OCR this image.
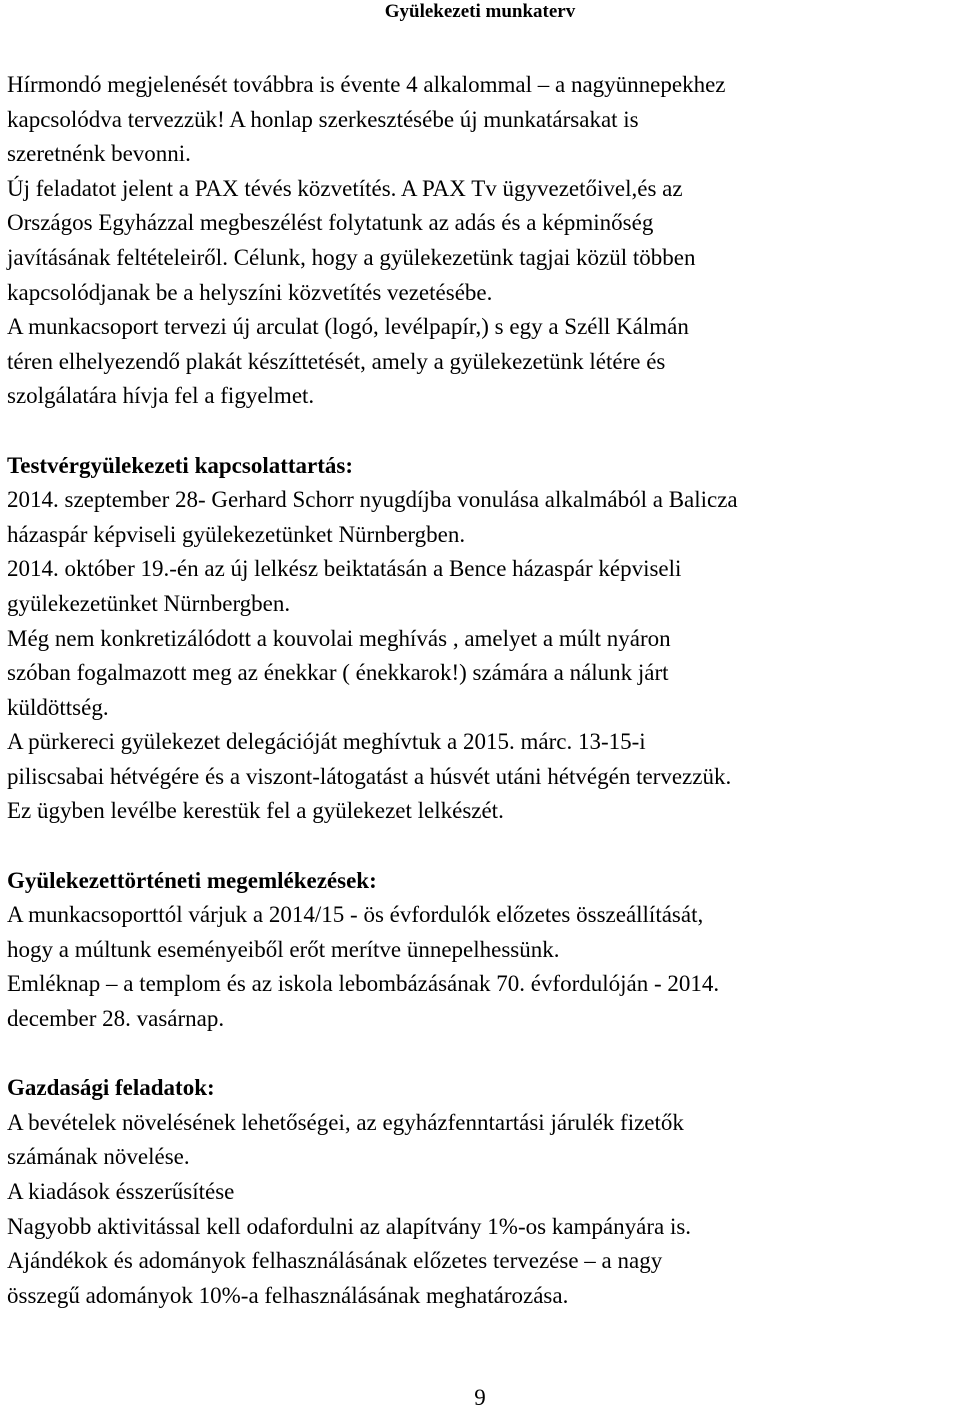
Gyülekezeti munkaterv
Hírmondó megjelenését továbbra is évente 4 alkalommal – a nagyünnepekhez
kapcsolódva tervezzük! A honlap szerkesztésébe új munkatársakat is
szeretnénk bevonni.
Új feladatot jelent a PAX tévés közvetítés. A PAX Tv ügyvezetőivel,és az
Országos Egyházzal megbeszélést folytatunk az adás és a képminőség
javításának feltételeiről. Célunk, hogy a gyülekezetünk tagjai közül többen
kapcsolódjanak be a helyszíni közvetítés vezetésébe.
A munkacsoport tervezi új arculat (logó, levélpapír,) s egy a Széll Kálmán
téren elhelyezendő plakát készíttetését, amely a gyülekezetünk létére és
szolgálatára hívja fel a figyelmet.
Testvérgyülekezeti kapcsolattartás:
2014. szeptember 28- Gerhard Schorr nyugdíjba vonulása alkalmából a Balicza
házaspár képviseli gyülekezetünket Nürnbergben.
2014. október 19.-én az új lelkész beiktatásán a Bence házaspár képviseli
gyülekezetünket Nürnbergben.
Még nem konkretizálódott a kouvolai meghívás , amelyet a múlt nyáron
szóban fogalmazott meg az énekkar ( énekkarok!) számára a nálunk járt
küldöttség.
A pürkereci gyülekezet delegációját meghívtuk a 2015. márc. 13-15-i
piliscsabai hétvégére és a viszont-látogatást a húsvét utáni hétvégén tervezzük.
Ez ügyben levélbe kerestük fel a gyülekezet lelkészét.
Gyülekezettörténeti megemlékezések:
A munkacsoporttól várjuk a 2014/15 - ös évfordulók előzetes összeállítását,
hogy a múltunk eseményeiből erőt merítve ünnepelhessünk.
Emléknap – a templom és az iskola lebombázásának 70. évfordulóján - 2014.
december 28. vasárnap.
Gazdasági feladatok:
A bevételek növelésének lehetőségei, az egyházfenntartási járulék fizetők
számának növelése.
A kiadások ésszerűsítése
Nagyobb aktivitással kell odafordulni az alapítvány 1%-os kampányára is.
Ajándékok és adományok felhasználásának előzetes tervezése – a nagy
összegű adományok 10%-a felhasználásának meghatározása.
9
